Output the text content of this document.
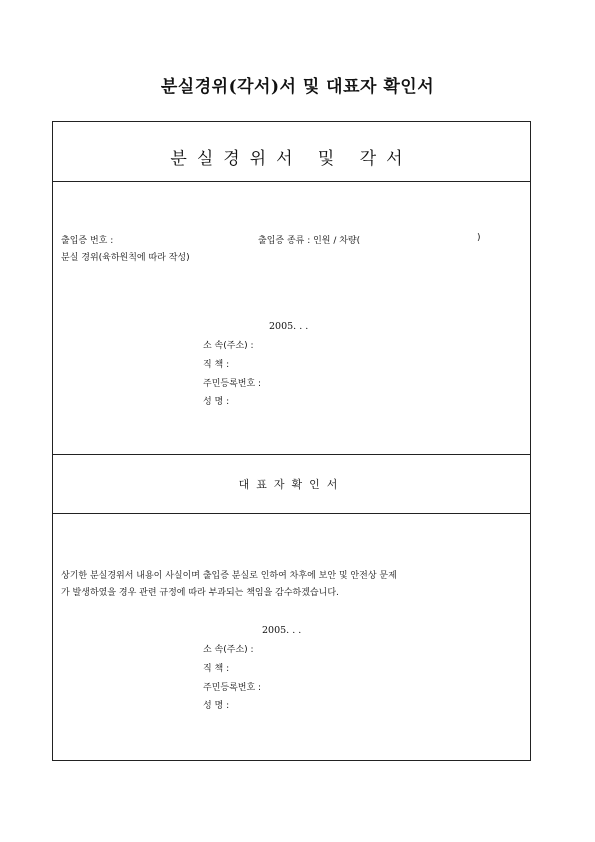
분실경위(각서)서 및 대표자 확인서
분실경위서 및 각서
출입증 번호 :	출입증 종류 : 인원 / 차량(	)
분실 경위(육하원칙에 따라 작성)
2005. . .
소 속(주소) :
직 책 :
주민등록번호 :
성 명 :
대표자확인서
상기한 분실경위서 내용이 사실이며 출입증 분실로 인하여 차후에 보안 및 안전상 문제
가 발생하였을 경우 관련 규정에 따라 부과되는 책임을 감수하겠습니다.
2005. . .
소 속(주소) :
직 책 :
주민등록번호 :
성 명 :
